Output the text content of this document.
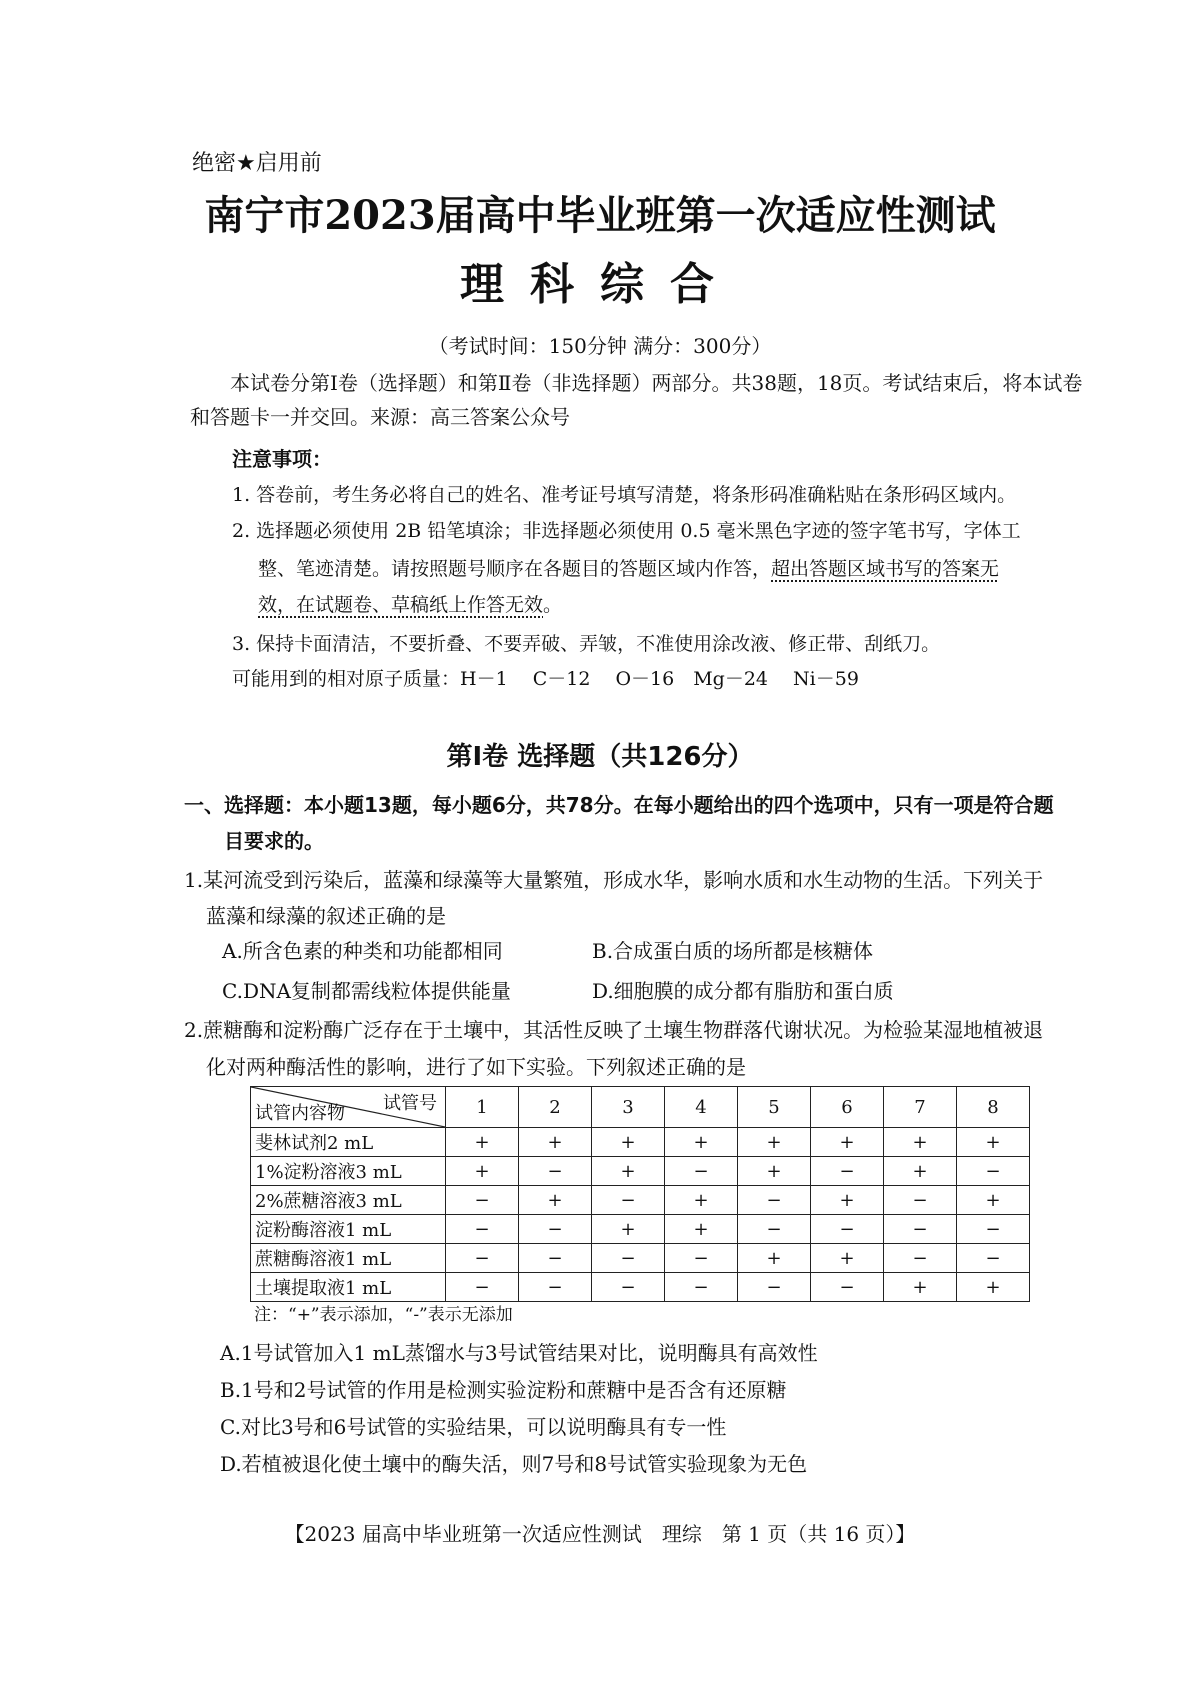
绝密★启用前
南宁市2023届高中毕业班第一次适应性测试
理科综合
（考试时间：150分钟 满分：300分）
本试卷分第Ⅰ卷（选择题）和第Ⅱ卷（非选择题）两部分。共38题，18页。考试结束后，将本试卷和答题卡一并交回。来源：高三答案公众号
注意事项：
1. 答卷前，考生务必将自己的姓名、准考证号填写清楚，将条形码准确粘贴在条形码区域内。
2. 选择题必须使用 2B 铅笔填涂；非选择题必须使用 0.5 毫米黑色字迹的签字笔书写，字体工
整、笔迹清楚。请按照题号顺序在各题目的答题区域内作答，超出答题区域书写的答案无
效，在试题卷、草稿纸上作答无效。
3. 保持卡面清洁，不要折叠、不要弄破、弄皱，不准使用涂改液、修正带、刮纸刀。
可能用到的相对原子质量：H－1　 C－12　 O－16　Mg－24　 Ni－59
第Ⅰ卷 选择题（共126分）
一、选择题：本小题13题，每小题6分，共78分。在每小题给出的四个选项中，只有一项是符合题
目要求的。
1.某河流受到污染后，蓝藻和绿藻等大量繁殖，形成水华，影响水质和水生动物的生活。下列关于
蓝藻和绿藻的叙述正确的是
A.所含色素的种类和功能都相同	B.合成蛋白质的场所都是核糖体
C.DNA复制都需线粒体提供能量	D.细胞膜的成分都有脂肪和蛋白质
2.蔗糖酶和淀粉酶广泛存在于土壤中，其活性反映了土壤生物群落代谢状况。为检验某湿地植被退
化对两种酶活性的影响，进行了如下实验。下列叙述正确的是
试管号
试管内容物	1	2	3	4	5	6	7	8
斐林试剂2 mL	+	+	+	+	+	+	+	+
1%淀粉溶液3 mL	+	−	+	−	+	−	+	−
2%蔗糖溶液3 mL	−	+	−	+	−	+	−	+
淀粉酶溶液1 mL	−	−	+	+	−	−	−	−
蔗糖酶溶液1 mL	−	−	−	−	+	+	−	−
土壤提取液1 mL	−	−	−	−	−	−	+	+
注：“+”表示添加，“-”表示无添加
A.1号试管加入1 mL蒸馏水与3号试管结果对比，说明酶具有高效性
B.1号和2号试管的作用是检测实验淀粉和蔗糖中是否含有还原糖
C.对比3号和6号试管的实验结果，可以说明酶具有专一性
D.若植被退化使土壤中的酶失活，则7号和8号试管实验现象为无色
【2023 届高中毕业班第一次适应性测试　理综　第 1 页（共 16 页）】
